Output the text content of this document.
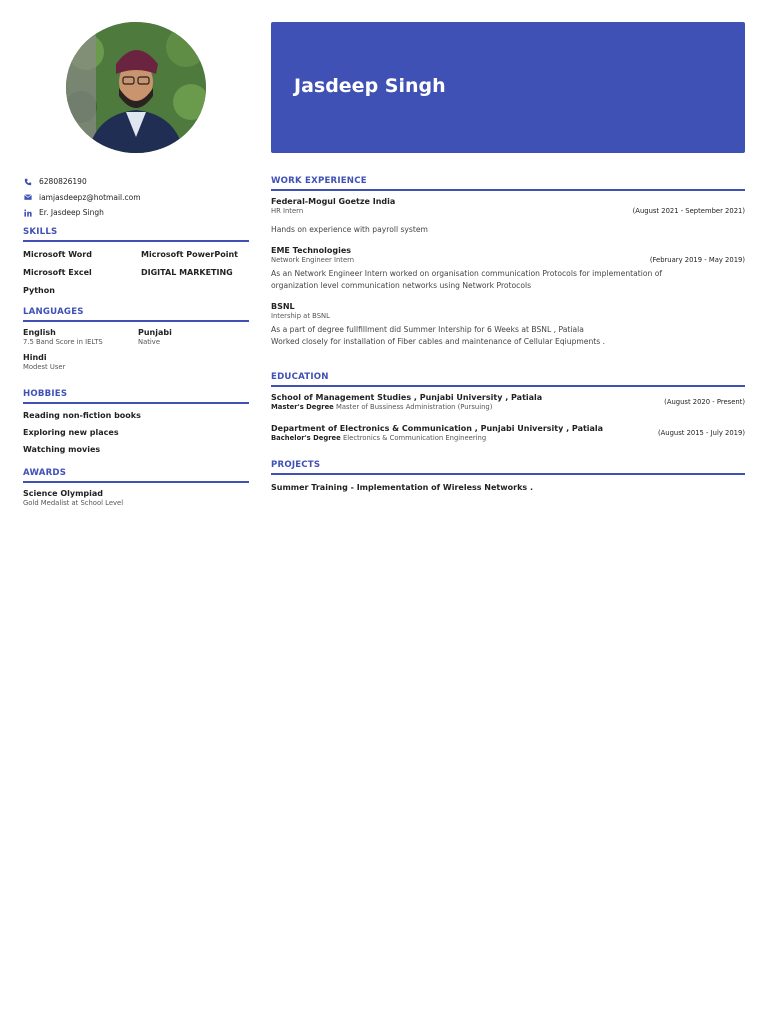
Jasdeep Singh
6280826190
iamjasdeepz@hotmail.com
Er. Jasdeep Singh
SKILLS
Microsoft Word	Microsoft PowerPoint
Microsoft Excel	DIGITAL MARKETING
Python
LANGUAGES
English
7.5 Band Score in IELTS
Punjabi
Native
Hindi
Modest User
HOBBIES
Reading non-fiction books
Exploring new places
Watching movies
AWARDS
Science Olympiad
Gold Medalist at School Level
WORK EXPERIENCE
Federal-Mogul Goetze India
HR Intern	(August 2021 - September 2021)
Hands on experience with payroll system
EME Technologies
Network Engineer Intern	(February 2019 - May 2019)
As an Network Engineer Intern worked on organisation communication Protocols for implementation of
organization level communication networks using Network Protocols
BSNL
Intership at BSNL
As a part of degree fullfillment did Summer Intership for 6 Weeks at BSNL , Patiala
Worked closely for installation of Fiber cables and maintenance of Cellular Eqiupments .
EDUCATION
School of Management Studies , Punjabi University , Patiala	(August 2020 - Present)
Master's Degree Master of Bussiness Administration (Pursuing)
Department of Electronics & Communication , Punjabi University , Patiala	(August 2015 - July 2019)
Bachelor's Degree Electronics & Communication Engineering
PROJECTS
Summer Training - Implementation of Wireless Networks .
